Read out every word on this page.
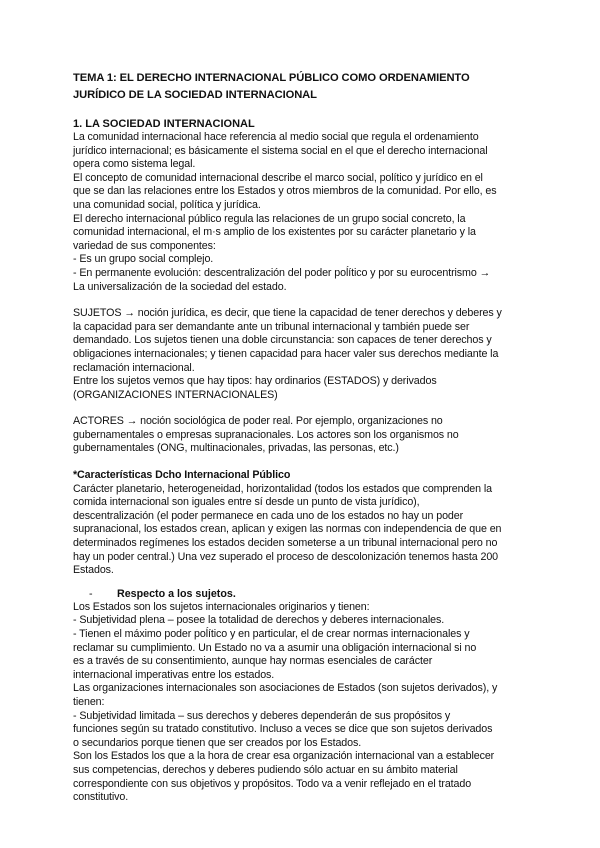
TEMA 1: EL DERECHO INTERNACIONAL PÚBLICO COMO ORDENAMIENTO
JURÍDICO DE LA SOCIEDAD INTERNACIONAL
1. LA SOCIEDAD INTERNACIONAL

La comunidad internacional hace referencia al medio social que regula el ordenamiento

jurídico internacional; es básicamente el sistema social en el que el derecho internacional

opera como sistema legal.

El concepto de comunidad internacional describe el marco social, político y jurídico en el

que se dan las relaciones entre los Estados y otros miembros de la comunidad. Por ello, es

una comunidad social, política y jurídica.

El derecho internacional público regula las relaciones de un grupo social concreto, la

comunidad internacional, el m·s amplio de los existentes por su carácter planetario y la

variedad de sus componentes:

- Es un grupo social complejo.

- En permanente evolución: descentralización del poder poĺítico y por su eurocentrismo →

La universalización de la sociedad del estado.

SUJETOS → noción jurídica, es decir, que tiene la capacidad de tener derechos y deberes y

la capacidad para ser demandante ante un tribunal internacional y también puede ser

demandado. Los sujetos tienen una doble circunstancia: son capaces de tener derechos y

obligaciones internacionales; y tienen capacidad para hacer valer sus derechos mediante la

reclamación internacional.

Entre los sujetos vemos que hay tipos: hay ordinarios (ESTADOS) y derivados

(ORGANIZACIONES INTERNACIONALES)

ACTORES → noción sociológica de poder real. Por ejemplo, organizaciones no

gubernamentales o empresas supranacionales. Los actores son los organismos no

gubernamentales (ONG, multinacionales, privadas, las personas, etc.)

*Características Dcho Internacional Público

Carácter planetario, heterogeneidad, horizontalidad (todos los estados que comprenden la

comida internacional son iguales entre sí desde un punto de vista jurídico),

descentralización (el poder permanece en cada uno de los estados no hay un poder

supranacional, los estados crean, aplican y exigen las normas con independencia de que en

determinados regímenes los estados deciden someterse a un tribunal internacional pero no

hay un poder central.) Una vez superado el proceso de descolonización tenemos hasta 200

Estados.

-	Respecto a los sujetos.

Los Estados son los sujetos internacionales originarios y tienen:

- Subjetividad plena – posee la totalidad de derechos y deberes internacionales.

- Tienen el máximo poder poĺítico y en particular, el de crear normas internacionales y

reclamar su cumplimiento. Un Estado no va a asumir una obligación internacional si no

es a través de su consentimiento, aunque hay normas esenciales de carácter

internacional imperativas entre los estados.

Las organizaciones internacionales son asociaciones de Estados (son sujetos derivados), y

tienen:

- Subjetividad limitada – sus derechos y deberes dependerán de sus propósitos y

funciones según su tratado constitutivo. Incluso a veces se dice que son sujetos derivados

o secundarios porque tienen que ser creados por los Estados.

Son los Estados los que a la hora de crear esa organización internacional van a establecer

sus competencias, derechos y deberes pudiendo sólo actuar en su ámbito material

correspondiente con sus objetivos y propósitos. Todo va a venir reflejado en el tratado

constitutivo.
